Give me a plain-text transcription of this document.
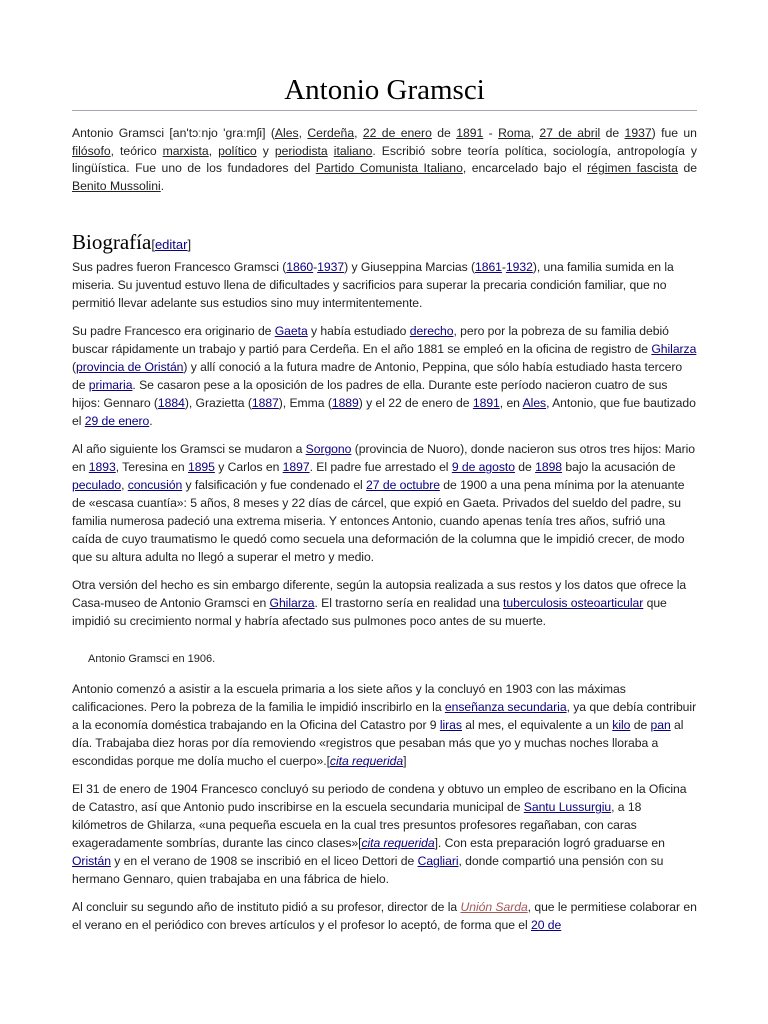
Antonio Gramsci

Antonio Gramsci [an'tɔːnjo 'ɡraːmʃi] (Ales, Cerdeña, 22 de enero de 1891 - Roma, 27 de abril de 1937) fue un filósofo, teórico marxista, político y periodista italiano. Escribió sobre teoría política, sociología, antropología y lingüística. Fue uno de los fundadores del Partido Comunista Italiano, encarcelado bajo el régimen fascista de Benito Mussolini.

Biografía[editar]

Sus padres fueron Francesco Gramsci (1860-1937) y Giuseppina Marcias (1861-1932), una familia sumida en la miseria. Su juventud estuvo llena de dificultades y sacrificios para superar la precaria condición familiar, que no permitió llevar adelante sus estudios sino muy intermitentemente.

Su padre Francesco era originario de Gaeta y había estudiado derecho, pero por la pobreza de su familia debió buscar rápidamente un trabajo y partió para Cerdeña. En el año 1881 se empleó en la oficina de registro de Ghilarza (provincia de Oristán) y allí conoció a la futura madre de Antonio, Peppina, que sólo había estudiado hasta tercero de primaria. Se casaron pese a la oposición de los padres de ella. Durante este período nacieron cuatro de sus hijos: Gennaro (1884), Grazietta (1887), Emma (1889) y el 22 de enero de 1891, en Ales, Antonio, que fue bautizado el 29 de enero.

Al año siguiente los Gramsci se mudaron a Sorgono (provincia de Nuoro), donde nacieron sus otros tres hijos: Mario en 1893, Teresina en 1895 y Carlos en 1897. El padre fue arrestado el 9 de agosto de 1898 bajo la acusación de peculado, concusión y falsificación y fue condenado el 27 de octubre de 1900 a una pena mínima por la atenuante de «escasa cuantía»: 5 años, 8 meses y 22 días de cárcel, que expió en Gaeta. Privados del sueldo del padre, su familia numerosa padeció una extrema miseria. Y entonces Antonio, cuando apenas tenía tres años, sufrió una caída de cuyo traumatismo le quedó como secuela una deformación de la columna que le impidió crecer, de modo que su altura adulta no llegó a superar el metro y medio.

Otra versión del hecho es sin embargo diferente, según la autopsia realizada a sus restos y los datos que ofrece la Casa-museo de Antonio Gramsci en Ghilarza. El trastorno sería en realidad una tuberculosis osteoarticular que impidió su crecimiento normal y habría afectado sus pulmones poco antes de su muerte.

Antonio Gramsci en 1906.

Antonio comenzó a asistir a la escuela primaria a los siete años y la concluyó en 1903 con las máximas calificaciones. Pero la pobreza de la familia le impidió inscribirlo en la enseñanza secundaria, ya que debía contribuir a la economía doméstica trabajando en la Oficina del Catastro por 9 liras al mes, el equivalente a un kilo de pan al día. Trabajaba diez horas por día removiendo «registros que pesaban más que yo y muchas noches lloraba a escondidas porque me dolía mucho el cuerpo».[cita requerida]

El 31 de enero de 1904 Francesco concluyó su periodo de condena y obtuvo un empleo de escribano en la Oficina de Catastro, así que Antonio pudo inscribirse en la escuela secundaria municipal de Santu Lussurgiu, a 18 kilómetros de Ghilarza, «una pequeña escuela en la cual tres presuntos profesores regañaban, con caras exageradamente sombrías, durante las cinco clases»[cita requerida]. Con esta preparación logró graduarse en Oristán y en el verano de 1908 se inscribió en el liceo Dettori de Cagliari, donde compartió una pensión con su hermano Gennaro, quien trabajaba en una fábrica de hielo.

Al concluir su segundo año de instituto pidió a su profesor, director de la Unión Sarda, que le permitiese colaborar en el verano en el periódico con breves artículos y el profesor lo aceptó, de forma que el 20 de
